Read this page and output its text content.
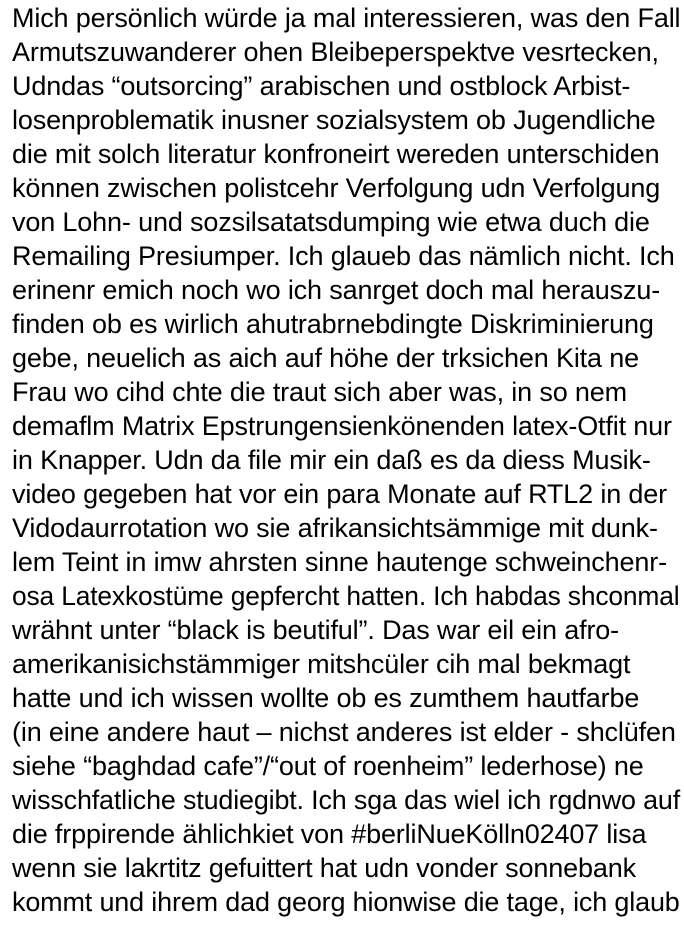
Mich persönlich würde ja mal interessieren, was den Fall
Armutszuwanderer ohen Bleibeperspektve vesrtecken,
Udndas “outsorcing” arabischen und ostblock Arbist-
losenproblematik inusner sozialsystem ob Jugendliche
die mit solch literatur konfroneirt wereden unterschiden
können zwischen polistcehr Verfolgung udn Verfolgung
von Lohn- und sozsilsatatsdumping wie etwa duch die
Remailing Presiumper. Ich glaueb das nämlich nicht. Ich
erinenr emich noch wo ich sanrget doch mal herauszu-
finden ob es wirlich ahutrabrnebdingte Diskriminierung
gebe, neuelich as aich auf höhe der trksichen Kita ne
Frau wo cihd chte die traut sich aber was, in so nem
demaflm Matrix Epstrungensienkönenden latex-Otfit nur
in Knapper. Udn da file mir ein daß es da diess Musik-
video gegeben hat vor ein para Monate auf RTL2 in der
Vidodaurrotation wo sie afrikansichtsämmige mit dunk-
lem Teint in imw ahrsten sinne hautenge schweinchenr-
osa Latexkostüme gepfercht hatten. Ich habdas shconmal
wrähnt unter “black is beutiful”. Das war eil ein afro-
amerikanisichstämmiger mitshcüler cih mal bekmagt
hatte und ich wissen wollte ob es zumthem hautfarbe
(in eine andere haut – nichst anderes ist elder - shclüfen
siehe “baghdad cafe”/“out of roenheim” lederhose) ne
wisschfatliche studiegibt. Ich sga das wiel ich rgdnwo auf
die frppirende ählichkiet von #berliNueKölln02407 lisa
wenn sie lakrtitz gefuittert hat udn vonder sonnebank
kommt und ihrem dad georg hionwise die tage, ich glaub
